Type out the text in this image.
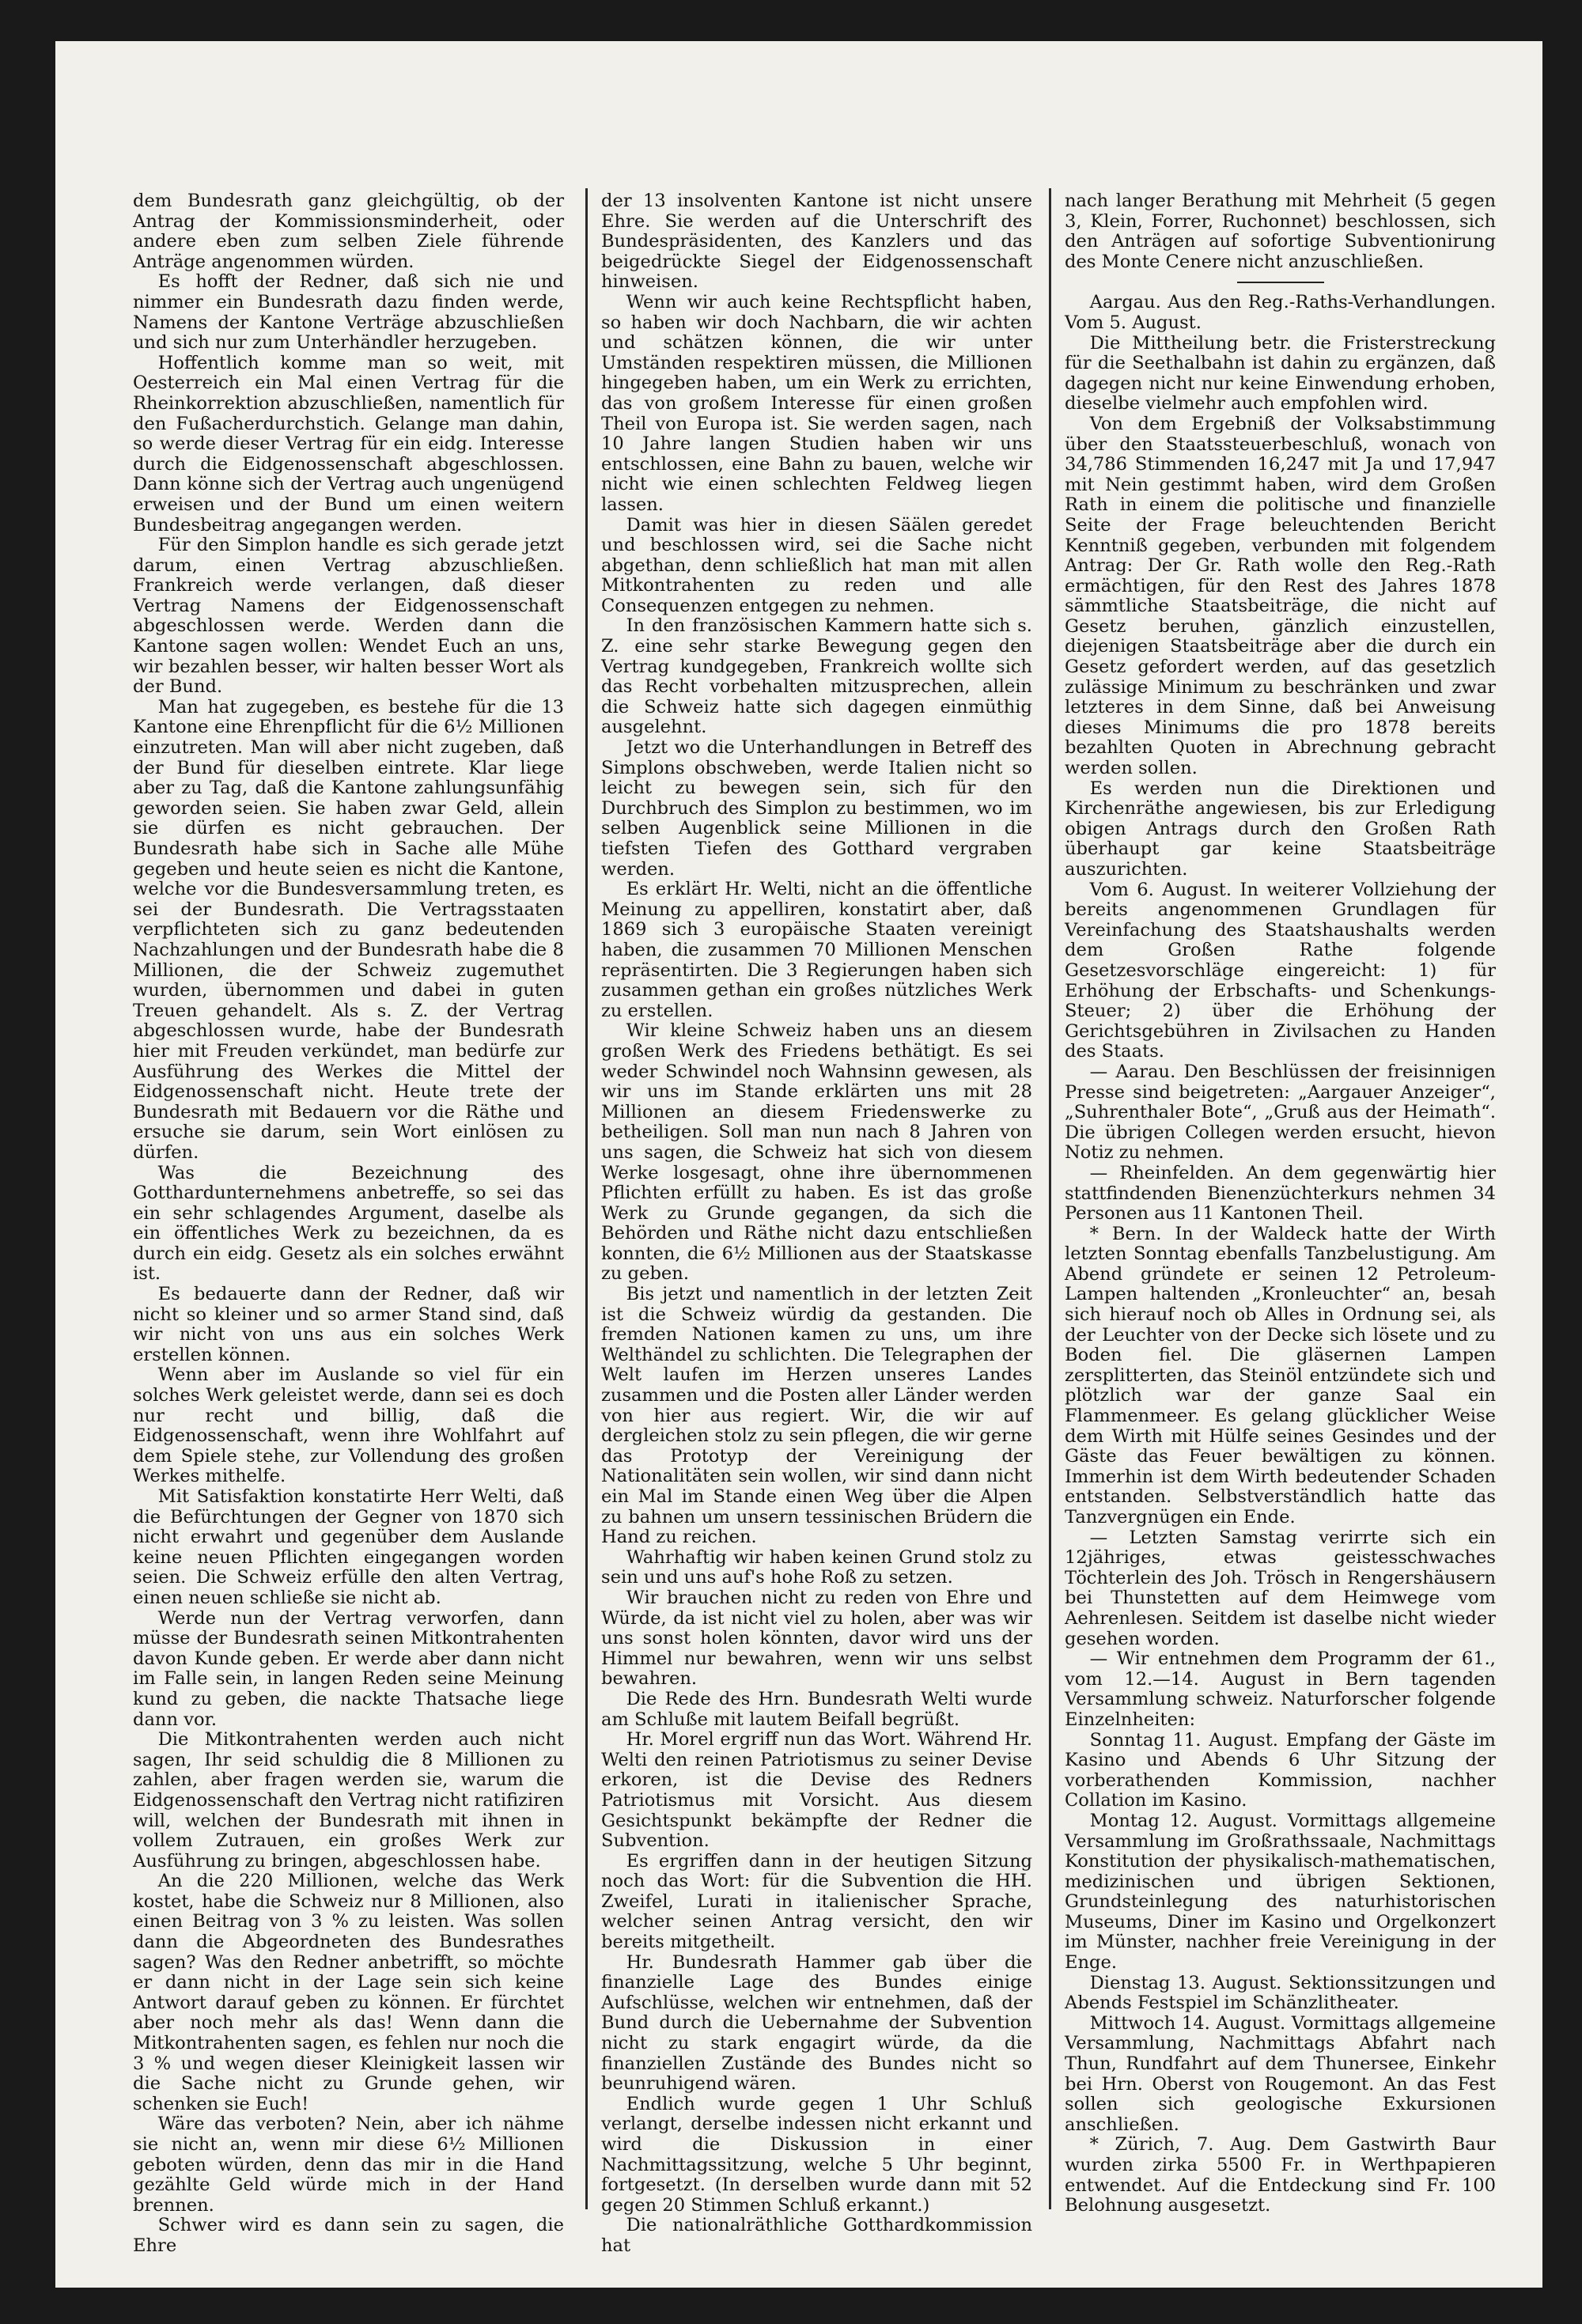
dem Bundesrath ganz gleichgültig, ob der Antrag der Kommissionsminderheit, oder andere eben zum selben Ziele führende Anträge angenommen würden.

Es hofft der Redner, daß sich nie und nimmer ein Bundesrath dazu finden werde, Namens der Kantone Verträge abzuschließen und sich nur zum Unterhändler herzugeben.

Hoffentlich komme man so weit, mit Oesterreich ein Mal einen Vertrag für die Rheinkorrektion abzuschließen, namentlich für den Fußacherdurchstich. Gelange man dahin, so werde dieser Vertrag für ein eidg. Interesse durch die Eidgenossenschaft abgeschlossen. Dann könne sich der Vertrag auch ungenügend erweisen und der Bund um einen weitern Bundesbeitrag angegangen werden.

Für den Simplon handle es sich gerade jetzt darum, einen Vertrag abzuschließen. Frankreich werde verlangen, daß dieser Vertrag Namens der Eidgenossenschaft abgeschlossen werde. Werden dann die Kantone sagen wollen: Wendet Euch an uns, wir bezahlen besser, wir halten besser Wort als der Bund.

Man hat zugegeben, es bestehe für die 13 Kantone eine Ehrenpflicht für die 6½ Millionen einzutreten. Man will aber nicht zugeben, daß der Bund für dieselben eintrete. Klar liege aber zu Tag, daß die Kantone zahlungsunfähig geworden seien. Sie haben zwar Geld, allein sie dürfen es nicht gebrauchen. Der Bundesrath habe sich in Sache alle Mühe gegeben und heute seien es nicht die Kantone, welche vor die Bundesversammlung treten, es sei der Bundesrath. Die Vertragsstaaten verpflichteten sich zu ganz bedeutenden Nachzahlungen und der Bundesrath habe die 8 Millionen, die der Schweiz zugemuthet wurden, übernommen und dabei in guten Treuen gehandelt. Als s. Z. der Vertrag abgeschlossen wurde, habe der Bundesrath hier mit Freuden verkündet, man bedürfe zur Ausführung des Werkes die Mittel der Eidgenossenschaft nicht. Heute trete der Bundesrath mit Bedauern vor die Räthe und ersuche sie darum, sein Wort einlösen zu dürfen.

Was die Bezeichnung des Gotthardunternehmens anbetreffe, so sei das ein sehr schlagendes Argument, daselbe als ein öffentliches Werk zu bezeichnen, da es durch ein eidg. Gesetz als ein solches erwähnt ist.

Es bedauerte dann der Redner, daß wir nicht so kleiner und so armer Stand sind, daß wir nicht von uns aus ein solches Werk erstellen können.

Wenn aber im Auslande so viel für ein solches Werk geleistet werde, dann sei es doch nur recht und billig, daß die Eidgenossenschaft, wenn ihre Wohlfahrt auf dem Spiele stehe, zur Vollendung des großen Werkes mithelfe.

Mit Satisfaktion konstatirte Herr Welti, daß die Befürchtungen der Gegner von 1870 sich nicht erwahrt und gegenüber dem Auslande keine neuen Pflichten eingegangen worden seien. Die Schweiz erfülle den alten Vertrag, einen neuen schließe sie nicht ab.

Werde nun der Vertrag verworfen, dann müsse der Bundesrath seinen Mitkontrahenten davon Kunde geben. Er werde aber dann nicht im Falle sein, in langen Reden seine Meinung kund zu geben, die nackte Thatsache liege dann vor.

Die Mitkontrahenten werden auch nicht sagen, Ihr seid schuldig die 8 Millionen zu zahlen, aber fragen werden sie, warum die Eidgenossenschaft den Vertrag nicht ratifiziren will, welchen der Bundesrath mit ihnen in vollem Zutrauen, ein großes Werk zur Ausführung zu bringen, abgeschlossen habe.

An die 220 Millionen, welche das Werk kostet, habe die Schweiz nur 8 Millionen, also einen Beitrag von 3 % zu leisten. Was sollen dann die Abgeordneten des Bundesrathes sagen? Was den Redner anbetrifft, so möchte er dann nicht in der Lage sein sich keine Antwort darauf geben zu können. Er fürchtet aber noch mehr als das! Wenn dann die Mitkontrahenten sagen, es fehlen nur noch die 3 % und wegen dieser Kleinigkeit lassen wir die Sache nicht zu Grunde gehen, wir schenken sie Euch!

Wäre das verboten? Nein, aber ich nähme sie nicht an, wenn mir diese 6½ Millionen geboten würden, denn das mir in die Hand gezählte Geld würde mich in der Hand brennen.

Schwer wird es dann sein zu sagen, die Ehre

der 13 insolventen Kantone ist nicht unsere Ehre. Sie werden auf die Unterschrift des Bundespräsidenten, des Kanzlers und das beigedrückte Siegel der Eidgenossenschaft hinweisen.

Wenn wir auch keine Rechtspflicht haben, so haben wir doch Nachbarn, die wir achten und schätzen können, die wir unter Umständen respektiren müssen, die Millionen hingegeben haben, um ein Werk zu errichten, das von großem Interesse für einen großen Theil von Europa ist. Sie werden sagen, nach 10 Jahre langen Studien haben wir uns entschlossen, eine Bahn zu bauen, welche wir nicht wie einen schlechten Feldweg liegen lassen.

Damit was hier in diesen Säälen geredet und beschlossen wird, sei die Sache nicht abgethan, denn schließlich hat man mit allen Mitkontrahenten zu reden und alle Consequenzen entgegen zu nehmen.

In den französischen Kammern hatte sich s. Z. eine sehr starke Bewegung gegen den Vertrag kundgegeben, Frankreich wollte sich das Recht vorbehalten mitzusprechen, allein die Schweiz hatte sich dagegen einmüthig ausgelehnt.

Jetzt wo die Unterhandlungen in Betreff des Simplons obschweben, werde Italien nicht so leicht zu bewegen sein, sich für den Durchbruch des Simplon zu bestimmen, wo im selben Augenblick seine Millionen in die tiefsten Tiefen des Gotthard vergraben werden.

Es erklärt Hr. Welti, nicht an die öffentliche Meinung zu appelliren, konstatirt aber, daß 1869 sich 3 europäische Staaten vereinigt haben, die zusammen 70 Millionen Menschen repräsentirten. Die 3 Regierungen haben sich zusammen gethan ein großes nützliches Werk zu erstellen.

Wir kleine Schweiz haben uns an diesem großen Werk des Friedens bethätigt. Es sei weder Schwindel noch Wahnsinn gewesen, als wir uns im Stande erklärten uns mit 28 Millionen an diesem Friedenswerke zu betheiligen. Soll man nun nach 8 Jahren von uns sagen, die Schweiz hat sich von diesem Werke losgesagt, ohne ihre übernommenen Pflichten erfüllt zu haben. Es ist das große Werk zu Grunde gegangen, da sich die Behörden und Räthe nicht dazu entschließen konnten, die 6½ Millionen aus der Staatskasse zu geben.

Bis jetzt und namentlich in der letzten Zeit ist die Schweiz würdig da gestanden. Die fremden Nationen kamen zu uns, um ihre Welthändel zu schlichten. Die Telegraphen der Welt laufen im Herzen unseres Landes zusammen und die Posten aller Länder werden von hier aus regiert. Wir, die wir auf dergleichen stolz zu sein pflegen, die wir gerne das Prototyp der Vereinigung der Nationalitäten sein wollen, wir sind dann nicht ein Mal im Stande einen Weg über die Alpen zu bahnen um unsern tessinischen Brüdern die Hand zu reichen.

Wahrhaftig wir haben keinen Grund stolz zu sein und uns auf's hohe Roß zu setzen.

Wir brauchen nicht zu reden von Ehre und Würde, da ist nicht viel zu holen, aber was wir uns sonst holen könnten, davor wird uns der Himmel nur bewahren, wenn wir uns selbst bewahren.

Die Rede des Hrn. Bundesrath Welti wurde am Schluße mit lautem Beifall begrüßt.

Hr. Morel ergriff nun das Wort. Während Hr. Welti den reinen Patriotismus zu seiner Devise erkoren, ist die Devise des Redners Patriotismus mit Vorsicht. Aus diesem Gesichtspunkt bekämpfte der Redner die Subvention.

Es ergriffen dann in der heutigen Sitzung noch das Wort: für die Subvention die HH. Zweifel, Lurati in italienischer Sprache, welcher seinen Antrag versicht, den wir bereits mitgetheilt.

Hr. Bundesrath Hammer gab über die finanzielle Lage des Bundes einige Aufschlüsse, welchen wir entnehmen, daß der Bund durch die Uebernahme der Subvention nicht zu stark engagirt würde, da die finanziellen Zustände des Bundes nicht so beunruhigend wären.

Endlich wurde gegen 1 Uhr Schluß verlangt, derselbe indessen nicht erkannt und wird die Diskussion in einer Nachmittagssitzung, welche 5 Uhr beginnt, fortgesetzt. (In derselben wurde dann mit 52 gegen 20 Stimmen Schluß erkannt.)

Die nationalräthliche Gotthardkommission hat

nach langer Berathung mit Mehrheit (5 gegen 3, Klein, Forrer, Ruchonnet) beschlossen, sich den Anträgen auf sofortige Subventionirung des Monte Cenere nicht anzuschließen.

Aargau. Aus den Reg.-Raths-Verhandlungen. Vom 5. August.

Die Mittheilung betr. die Fristerstreckung für die Seethalbahn ist dahin zu ergänzen, daß dagegen nicht nur keine Einwendung erhoben, dieselbe vielmehr auch empfohlen wird.

Von dem Ergebniß der Volksabstimmung über den Staatssteuerbeschluß, wonach von 34,786 Stimmenden 16,247 mit Ja und 17,947 mit Nein gestimmt haben, wird dem Großen Rath in einem die politische und finanzielle Seite der Frage beleuchtenden Bericht Kenntniß gegeben, verbunden mit folgendem Antrag: Der Gr. Rath wolle den Reg.-Rath ermächtigen, für den Rest des Jahres 1878 sämmtliche Staatsbeiträge, die nicht auf Gesetz beruhen, gänzlich einzustellen, diejenigen Staatsbeiträge aber die durch ein Gesetz gefordert werden, auf das gesetzlich zulässige Minimum zu beschränken und zwar letzteres in dem Sinne, daß bei Anweisung dieses Minimums die pro 1878 bereits bezahlten Quoten in Abrechnung gebracht werden sollen.

Es werden nun die Direktionen und Kirchenräthe angewiesen, bis zur Erledigung obigen Antrags durch den Großen Rath überhaupt gar keine Staatsbeiträge auszurichten.

Vom 6. August. In weiterer Vollziehung der bereits angenommenen Grundlagen für Vereinfachung des Staatshaushalts werden dem Großen Rathe folgende Gesetzesvorschläge eingereicht: 1) für Erhöhung der Erbschafts- und Schenkungs-Steuer; 2) über die Erhöhung der Gerichtsgebühren in Zivilsachen zu Handen des Staats.

— Aarau. Den Beschlüssen der freisinnigen Presse sind beigetreten: „Aargauer Anzeiger“, „Suhrenthaler Bote“, „Gruß aus der Heimath“. Die übrigen Collegen werden ersucht, hievon Notiz zu nehmen.

— Rheinfelden. An dem gegenwärtig hier stattfindenden Bienenzüchterkurs nehmen 34 Personen aus 11 Kantonen Theil.

* Bern. In der Waldeck hatte der Wirth letzten Sonntag ebenfalls Tanzbelustigung. Am Abend gründete er seinen 12 Petroleum-Lampen haltenden „Kronleuchter“ an, besah sich hierauf noch ob Alles in Ordnung sei, als der Leuchter von der Decke sich lösete und zu Boden fiel. Die gläsernen Lampen zersplitterten, das Steinöl entzündete sich und plötzlich war der ganze Saal ein Flammenmeer. Es gelang glücklicher Weise dem Wirth mit Hülfe seines Gesindes und der Gäste das Feuer bewältigen zu können. Immerhin ist dem Wirth bedeutender Schaden entstanden. Selbstverständlich hatte das Tanzvergnügen ein Ende.

— Letzten Samstag verirrte sich ein 12jähriges, etwas geistesschwaches Töchterlein des Joh. Trösch in Rengershäusern bei Thunstetten auf dem Heimwege vom Aehrenlesen. Seitdem ist daselbe nicht wieder gesehen worden.

— Wir entnehmen dem Programm der 61., vom 12.—14. August in Bern tagenden Versammlung schweiz. Naturforscher folgende Einzelnheiten:

Sonntag 11. August. Empfang der Gäste im Kasino und Abends 6 Uhr Sitzung der vorberathenden Kommission, nachher Collation im Kasino.

Montag 12. August. Vormittags allgemeine Versammlung im Großrathssaale, Nachmittags Konstitution der physikalisch-mathematischen, medizinischen und übrigen Sektionen, Grundsteinlegung des naturhistorischen Museums, Diner im Kasino und Orgelkonzert im Münster, nachher freie Vereinigung in der Enge.

Dienstag 13. August. Sektionssitzungen und Abends Festspiel im Schänzlitheater.

Mittwoch 14. August. Vormittags allgemeine Versammlung, Nachmittags Abfahrt nach Thun, Rundfahrt auf dem Thunersee, Einkehr bei Hrn. Oberst von Rougemont. An das Fest sollen sich geologische Exkursionen anschließen.

* Zürich, 7. Aug. Dem Gastwirth Baur wurden zirka 5500 Fr. in Werthpapieren entwendet. Auf die Entdeckung sind Fr. 100 Belohnung ausgesetzt.
